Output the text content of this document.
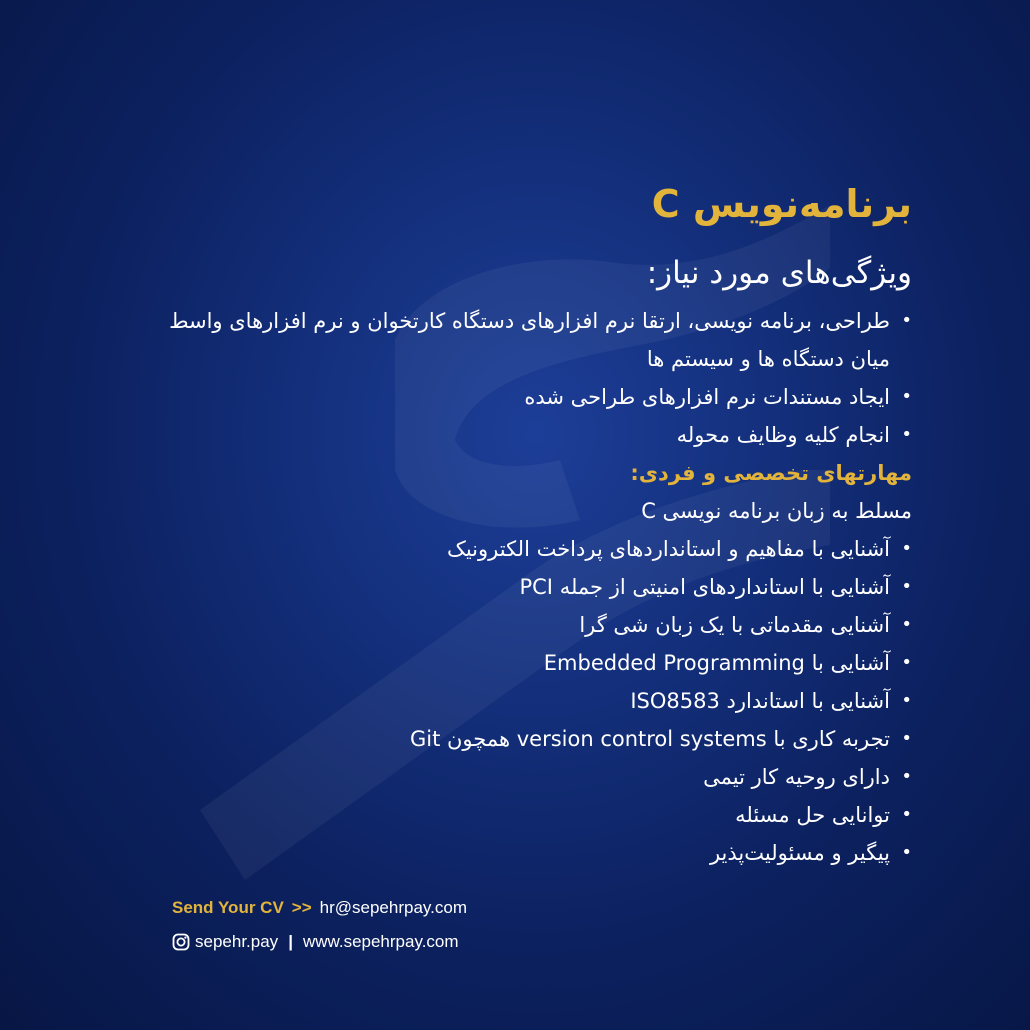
برنامه‌نویس C
ویژگی‌های مورد نیاز:
• طراحی، برنامه نویسی، ارتقا نرم افزارهای دستگاه کارتخوان و نرم افزارهای واسط میان دستگاه ها و سیستم ها
• ایجاد مستندات نرم افزارهای طراحی شده
• انجام کلیه وظایف محوله
مهارتهای تخصصی و فردی:
مسلط به زبان برنامه نویسی C
• آشنایی با مفاهیم و استانداردهای پرداخت الکترونیک
• آشنایی با استانداردهای امنیتی از جمله PCI
• آشنایی مقدماتی با یک زبان شی گرا
• آشنایی با Embedded Programming
• آشنایی با استاندارد ISO8583
• تجربه کاری با version control systems همچون Git
• دارای روحیه کار تیمی
• توانایی حل مسئله
• پیگیر و مسئولیت‌پذیر
Send Your CV >> hr@sepehrpay.com
sepehr.pay | www.sepehrpay.com
